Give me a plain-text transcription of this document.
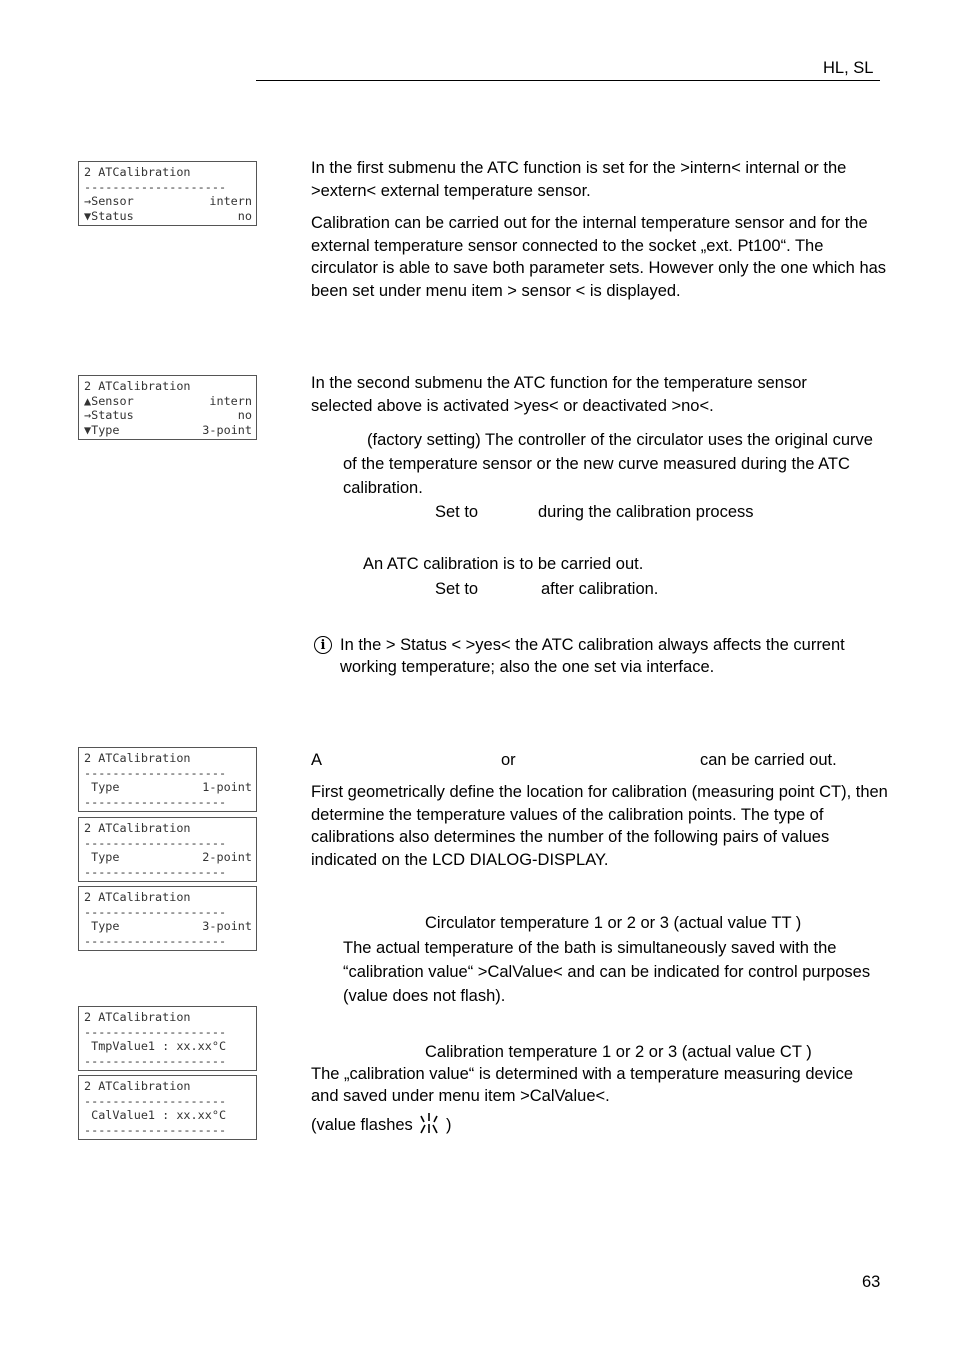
HL, SL
2 ATCalibration
--------------------
→Sensor	intern
▼Status	no
2 ATCalibration
▲Sensor	intern
→Status	no
▼Type	3-point
2 ATCalibration
--------------------
Type	1-point
--------------------
2 ATCalibration
--------------------
Type	2-point
--------------------
2 ATCalibration
--------------------
Type	3-point
--------------------
2 ATCalibration
--------------------
TmpValue1 : xx.xx°C
--------------------
2 ATCalibration
--------------------
CalValue1 : xx.xx°C
--------------------
In the first submenu the ATC function is set for the >intern< internal or the >extern< external temperature sensor.
Calibration can be carried out for the internal temperature sensor and for the external temperature sensor connected to the socket „ext. Pt100“. The circulator is able to save both parameter sets. However only the one which has been set under menu item > sensor < is displayed.
In the second submenu the ATC function for the temperature sensor selected above is activated >yes< or deactivated >no<.
(factory setting) The controller of the circulator uses the original curve of the temperature sensor or the new curve measured during the ATC calibration.
Set to	during the calibration process
An ATC calibration is to be carried out.
Set to	after calibration.
i In the > Status < >yes< the ATC calibration always affects the current working temperature; also the one set via interface.
A	or	can be carried out.
First geometrically define the location for calibration (measuring point CT), then determine the temperature values of the calibration points. The type of calibrations also determines the number of the following pairs of values indicated on the LCD DIALOG-DISPLAY.
Circulator temperature 1 or 2 or 3 (actual value TT )
The actual temperature of the bath is simultaneously saved with the “calibration value“ >CalValue< and can be indicated for control purposes (value does not flash).
Calibration temperature 1 or 2 or 3 (actual value CT )
The „calibration value“ is determined with a temperature measuring device and saved under menu item >CalValue<.
(value flashes )
63
